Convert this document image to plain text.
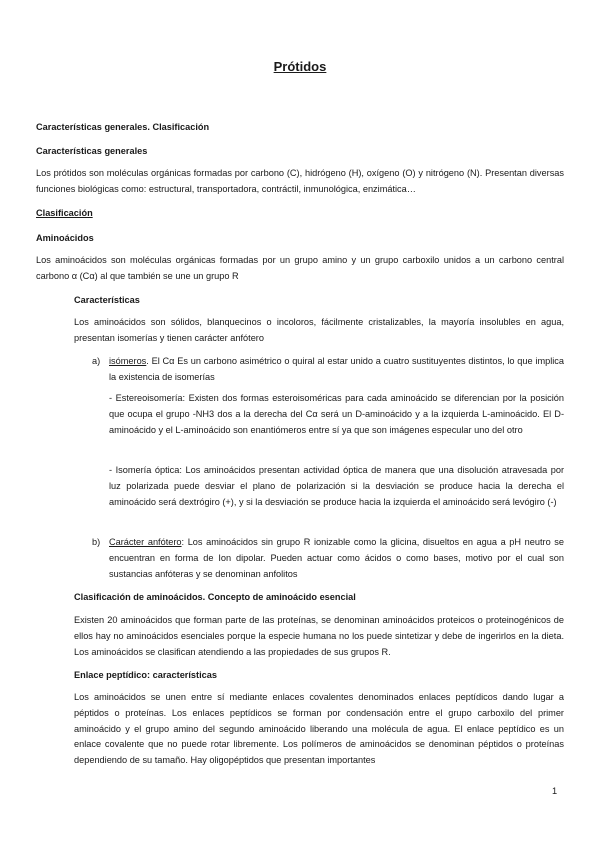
Prótidos

Características generales. Clasificación

Características generales

Los prótidos son moléculas orgánicas formadas por carbono (C), hidrógeno (H), oxígeno (O) y nitrógeno (N). Presentan diversas funciones biológicas como: estructural, transportadora, contráctil, inmunológica, enzimática…

Clasificación

Aminoácidos

Los aminoácidos son moléculas orgánicas formadas por un grupo amino y un grupo carboxilo unidos a un carbono central carbono α (Cα) al que también se une un grupo R

Características

Los aminoácidos son sólidos, blanquecinos o incoloros, fácilmente cristalizables, la mayoría insolubles en agua, presentan isomerías y tienen carácter anfótero

a) isómeros. El Cα Es un carbono asimétrico o quiral al estar unido a cuatro sustituyentes distintos, lo que implica la existencia de isomerías

- Estereoisomería: Existen dos formas esteroisoméricas para cada aminoácido se diferencian por la posición que ocupa el grupo -NH3 dos a la derecha del Cα será un D-aminoácido y a la izquierda L-aminoácido. El D-aminoácido y el L-aminoácido son enantiómeros entre sí ya que son imágenes especular uno del otro

- Isomería óptica: Los aminoácidos presentan actividad óptica de manera que una disolución atravesada por luz polarizada puede desviar el plano de polarización si la desviación se produce hacia la derecha el aminoácido será dextrógiro (+), y si la desviación se produce hacia la izquierda el aminoácido será levógiro (-)

b) Carácter anfótero: Los aminoácidos sin grupo R ionizable como la glicina, disueltos en agua a pH neutro se encuentran en forma de Ion dipolar. Pueden actuar como ácidos o como bases, motivo por el cual son sustancias anfóteras y se denominan anfolitos

Clasificación de aminoácidos. Concepto de aminoácido esencial

Existen 20 aminoácidos que forman parte de las proteínas, se denominan aminoácidos proteicos o proteinogénicos de ellos hay no aminoácidos esenciales porque la especie humana no los puede sintetizar y debe de ingerirlos en la dieta. Los aminoácidos se clasifican atendiendo a las propiedades de sus grupos R.

Enlace peptídico: características

Los aminoácidos se unen entre sí mediante enlaces covalentes denominados enlaces peptídicos dando lugar a péptidos o proteínas. Los enlaces peptídicos se forman por condensación entre el grupo carboxilo del primer aminoácido y el grupo amino del segundo aminoácido liberando una molécula de agua. El enlace peptídico es un enlace covalente que no puede rotar libremente. Los polímeros de aminoácidos se denominan péptidos o proteínas dependiendo de su tamaño. Hay oligopéptidos que presentan importantes

1
